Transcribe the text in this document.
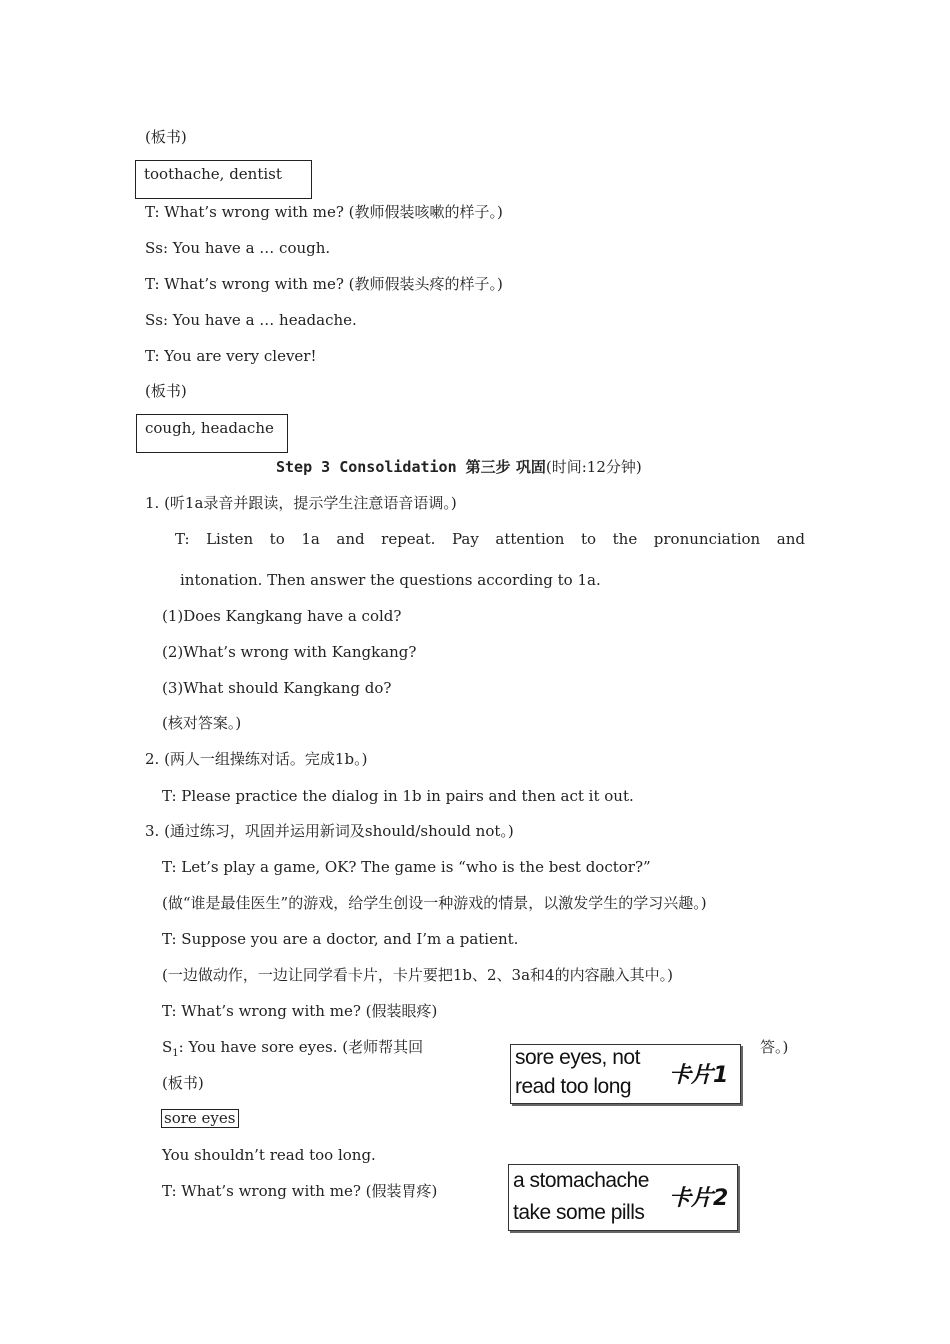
(板书)
toothache, dentist
T: What’s wrong with me? (教师假装咳嗽的样子。)
Ss: You have a … cough.
T: What’s wrong with me? (教师假装头疼的样子。)
Ss: You have a … headache.
T: You are very clever!
(板书)
cough, headache
Step 3 Consolidation 第三步 巩固(时间:12分钟)
1. (听1a录音并跟读，提示学生注意语音语调。)
T: Listen to 1a and repeat. Pay attention to the pronunciation and
intonation. Then answer the questions according to 1a.
(1)Does Kangkang have a cold?
(2)What’s wrong with Kangkang?
(3)What should Kangkang do?
(核对答案。)
2. (两人一组操练对话。完成1b。)
T: Please practice the dialog in 1b in pairs and then act it out.
3. (通过练习，巩固并运用新词及should/should not。)
T: Let’s play a game, OK? The game is “who is the best doctor?”
(做“谁是最佳医生”的游戏，给学生创设一种游戏的情景，以激发学生的学习兴趣。)
T: Suppose you are a doctor, and I’m a patient.
(一边做动作，一边让同学看卡片，卡片要把1b、2、3a和4的内容融入其中。)
T: What’s wrong with me? (假装眼疼)
$S_1$: You have sore eyes. (老师帮其回	答。)
(板书)
sore eyes
You shouldn’t read too long.
T: What’s wrong with me? (假装胃疼)
sore eyes, not
read too long 卡片1
a stomachache
take some pills
卡片2
